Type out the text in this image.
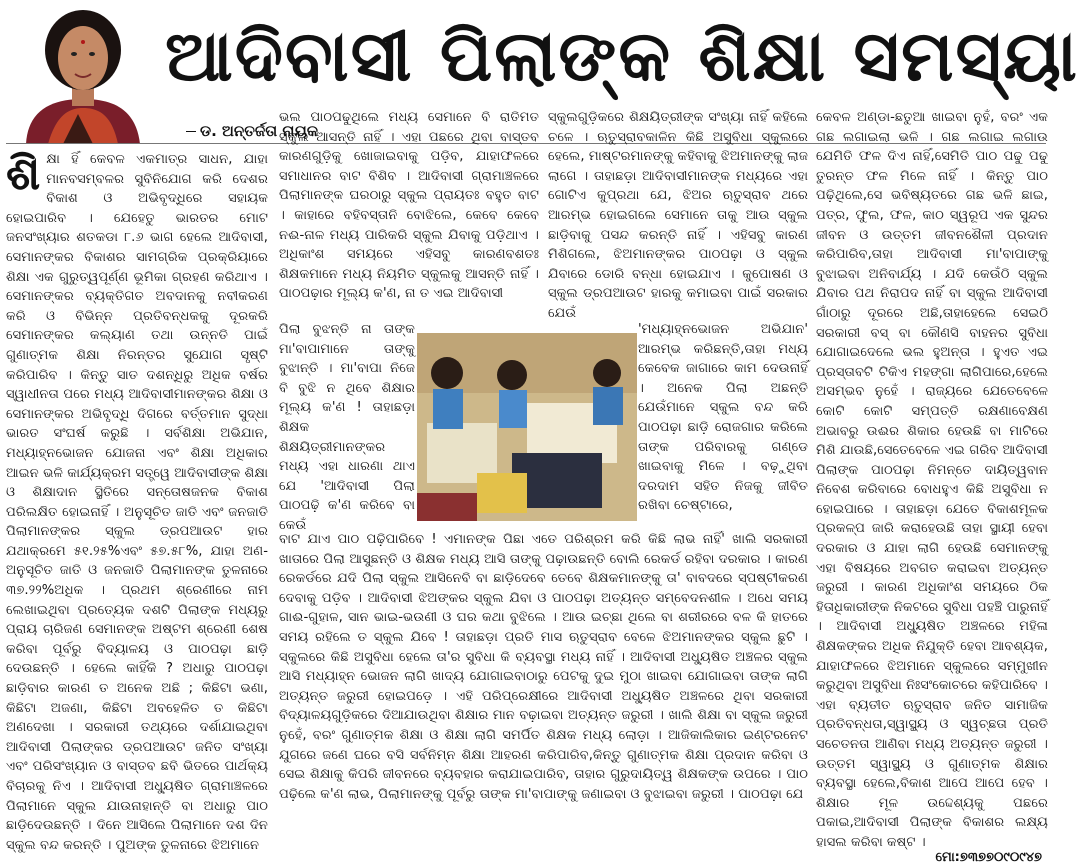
ଆଦିବାସୀ ପିଲାଙ୍କ ଶିକ୍ଷା ସମସ୍ୟା
ଡ. ଅନ୍ତର୍ଜତା ନାୟକ
ଶି କ୍ଷା ହିଁ କେବଳ ଏକମାତ୍ର ସାଧନ, ଯାହା ମାନବସମ୍ବଳର ସୁବିନିଯୋଗ କରି ଦେଶର ବିକାଶ ଓ ଅଭିବୃଦ୍ଧିରେ ସହାୟକ ହୋଇପାରିବ । ଯେହେତୁ ଭାରତର ମୋଟ ଜନସଂଖ୍ୟାର ଶତକଡା ୮.୬ ଭାଗ ହେଲେ ଆଦିବାସୀ, ସେମାନଙ୍କର ବିକାଶର ସାମଗ୍ରିକ ପ୍ରକ୍ରିୟାରେ ଶିକ୍ଷା ଏକ ଗୁରୁତ୍ୱପୂର୍ଣ୍ଣ ଭୂମିକା ଗ୍ରହଣ କରିଥାଏ । ସେମାନଙ୍କର ବ୍ୟକ୍ତିଗତ ଅବଦାନକୁ ନବୀକରଣ କରି ଓ ବିଭିନ୍ନ ପ୍ରତିବନ୍ଧକକୁ ଦୂରକରି ସେମାନଙ୍କର କଲ୍ୟାଣ ତଥା ଉନ୍ନତି ପାଇଁ ଗୁଣାତ୍ମକ ଶିକ୍ଷା ନିରନ୍ତର ସୁଯୋଗ ସୃଷ୍ଟି କରିପାରିବ । କିନ୍ତୁ ସାତ ଦଶନ୍ଧିରୁ ଅଧିକ ବର୍ଷର ସ୍ୱାଧୀନତା ପରେ ମଧ୍ୟ ଆଦିବାସୀମାନଙ୍କର ଶିକ୍ଷା ଓ ସେମାନଙ୍କର ଅଭିବୃଦ୍ଧି ଦିଗରେ ବର୍ତ୍ତମାନ ସୁଦ୍ଧା ଭାରତ ସଂଘର୍ଷ କରୁଛି । ସର୍ବଶିକ୍ଷା ଅଭିଯାନ, ମଧ୍ୟାହ୍ନଭୋଜନ ଯୋଜନା ଏବଂ ଶିକ୍ଷା ଅଧିକାର ଆଇନ ଭଳି କାର୍ଯ୍ୟକ୍ରମ ସତ୍ତ୍ୱେ ଆଦିବାସୀଙ୍କ ଶିକ୍ଷା ଓ ଶିକ୍ଷାଦାନ ସ୍ଥିତିରେ ସନ୍ତୋଷଜନକ ବିକାଶ ପରିଲକ୍ଷିତ ହୋଇନାହିଁ । ଅନୁସୂଚିତ ଜାତି ଏବଂ ଜନଜାତି ପିଲାମାନଙ୍କର ସ୍କୁଲ ଡ୍ରପଆଉଟ ହାର ଯଥାକ୍ରମେ ୫୧.୨୫%ଏବଂ ୫୭.୫୮%, ଯାହା ଅଣ-ଅନୁସୂଚିତ ଜାତି ଓ ଜନଜାତି ପିଲାମାନଙ୍କ ତୁଳନାରେ ୩୭.୨୨%ଅଧିକ । ପ୍ରଥମ ଶ୍ରେଣୀରେ ନାମ ଲେଖାଇଥିବା ପ୍ରତ୍ୟେକ ଦଶଟି ପିଲାଙ୍କ ମଧ୍ୟରୁ ପ୍ରାୟ ଚାରିଜଣ ସେମାନଙ୍କ ଅଷ୍ଟମ ଶ୍ରେଣୀ ଶେଷ କରିବା ପୂର୍ବରୁ ବିଦ୍ୟାଳୟ ଓ ପାଠପଢ଼ା ଛାଡ଼ି ଦେଉଛନ୍ତି । ହେଲେ କାହିଁକି ? ଅଧାରୁ ପାଠପଢ଼ା ଛାଡ଼ିବାର କାରଣ ତ ଅନେକ ଅଛି ; କିଛିଟା ଭଣା, କିଛିଟା ଅଜଣା, କିଛିଟା ଅବହେଳିତ ତ କିଛିଟା ଅଣଦେଖା । ସରକାରୀ ତଥ୍ୟରେ ଦର୍ଶାଯାଇଥିବା ଆଦିବାସୀ ପିଲାଙ୍କର ଡ୍ରପଆଉଟ ଜନିତ ସଂଖ୍ୟା ଏବଂ ପରିସଂଖ୍ୟାନ ଓ ବାସ୍ତବ ଛବି ଭିତରେ ପାର୍ଥକ୍ୟ ବିଚାରକୁ ନିଏ । ଆଦିବାସୀ ଅଧ୍ୟୁଷିତ ଗ୍ରାମାଞ୍ଚଳରେ ପିଲାମାନେ ସ୍କୁଲ ଯାଉନାହାନ୍ତି ବା ଅଧାରୁ ପାଠ ଛାଡ଼ିଦେଉଛନ୍ତି । ଦିନେ ଆସିଲେ ପିଲାମାନେ ଦଶ ଦିନ ସ୍କୁଲ ବନ୍ଦ କରନ୍ତି । ପୁଅଙ୍କ ତୁଳନାରେ ଝିଅମାନେ

ଭଲ ପାଠପଢୁଥିଲେ ମଧ୍ୟ ସେମାନେ ବି ରାତିମତ ସ୍କୁଲ ଆସନ୍ତି ନାହିଁ । ଏହା ପଛରେ ଥିବା ବାସ୍ତବ କାରଣଗୁଡ଼ିକୁ ଖୋଜାଇବାକୁ ପଡ଼ିବ, ଯାହାଫଳରେ ସମାଧାନର ବାଟ ବିଶିବ । ଆଦିବାସୀ ଗ୍ରାମାଞ୍ଚଳରେ ପିଲାମାନଙ୍କ ଘରଠାରୁ ସ୍କୁଲ ପ୍ରାୟତଃ ବହୁତ ବାଟ । କାହାରେ ବହିବସ୍ତାନି ବୋଝିଲେ, କେବେ କେବେ ନଈ-ନାଳ ମଧ୍ୟ ପାରିକରି ସ୍କୁଲ ଯିବାକୁ ପଡ଼ିଥାଏ । ଅଧିକାଂଶ ସମୟରେ ଏହିସବୁ କାରଣବଶତଃ ଶିକ୍ଷକମାନେ ମଧ୍ୟ ନିୟମିତ ସ୍କୁଲକୁ ଆସନ୍ତି ନାହିଁ । ପାଠପଢ଼ାର ମୂଲ୍ୟ କ'ଣ, ନା ତ ଏଇ ଆଦିବାସୀ

ସ୍କୁଲଗୁଡ଼ିକରେ ଶିକ୍ଷୟିତ୍ରୀଙ୍କ ସଂଖ୍ୟା ନାହିଁ କହିଲେ ଚଳେ । ଋତୁସ୍ରାବକାଳିନ କିଛି ଅସୁବିଧା ସ୍କୁଲରେ ହେଲେ, ମାଷ୍ଟରମାନଙ୍କୁ କହିବାକୁ ଝିଅମାନଙ୍କୁ ଲାଜ ଲାଗେ । ତାହାଛଡ଼ା ଆଦିବାସୀମାନଙ୍କ ମଧ୍ୟରେ ଏହା ଗୋଟିଏ କୁପ୍ରଥା ଯେ, ଝିଅର ଋତୁସ୍ରାବ ଥରେ ଆରମ୍ଭ ହୋଇଗଲେ ସେମାନେ ତାକୁ ଆଉ ସ୍କୁଲ ଛାଡ଼ିବାକୁ ପସନ୍ଦ କରନ୍ତି ନାହିଁ । ଏହିସବୁ କାରଣ ମିଶିଗଲେ, ଝିଅମାନଙ୍କର ପାଠପଢ଼ା ଓ ସ୍କୁଲ ଯିବାରେ ଡୋରି ବନ୍ଧା ହୋଇଯାଏ । କୁପୋଷଣ ଓ ସ୍କୁଲ ଡ୍ରପଆଉଟ ହାରକୁ କମାଇବା ପାଇଁ ସରକାର ଯେଉଁ

ପିଲା ବୁଝନ୍ତି ନା ତାଙ୍କ ମା'ବାପାମାନେ ତାଙ୍କୁ ବୁଝାନ୍ତି । ମା'ବାପା ନିଜେ ବି ବୁଝି ନ ଥିବେ ଶିକ୍ଷାର ମୂଲ୍ୟ କ'ଣ ! ତାହାଛଡ଼ା ଶିକ୍ଷକ ଶିକ୍ଷୟିତ୍ରୀମାନଙ୍କର ମଧ୍ୟ ଏହା ଧାରଣା ଥାଏ ଯେ 'ଆଦିବାସୀ ପିଲା ପାଠପଢ଼ି କ'ଣ କରିବେ ବା କେଉଁ

'ମଧ୍ୟାହ୍ନଭୋଜନ ଅଭିଯାନ' ଆରମ୍ଭ କରିଛନ୍ତି,ତାହା ମଧ୍ୟ କେବେକ ଜାଗାରେ କାମ ଦେଉନାହିଁ । ଅନେକ ପିଲା ଅଛନ୍ତି ଯେଉଁମାନେ ସ୍କୁଲ ବନ୍ଦ କରି ପାଠପଢ଼ା ଛାଡ଼ି ରୋଜଗାର କରିଲେ ତାଙ୍କ ପରିବାରକୁ ଗଣ୍ଡେ ଖାଇବାକୁ ମିଳେ । ବଢ଼ୁଥିବା ଦରଦାମ ସହିତ ନିଜକୁ ଜୀବିତ ରଖିବା ଚେଷ୍ଟାରେ,

ବାଟ ଯାଏ ପାଠ ପଢ଼ିପାରିବେ ! ଏମାନଙ୍କ ପିଛା ଏତେ ପରିଶ୍ରମ କରି କିଛି ଲାଭ ନାହିଁ' ଖାଲି ସରକାରୀ ଖାତାରେ ପିଲା ଆସୁଛନ୍ତି ଓ ଶିକ୍ଷକ ମଧ୍ୟ ଆସି ତାଙ୍କୁ ପଢ଼ାଉଛନ୍ତି ବୋଲି ରେକର୍ଡ ରହିବା ଦରକାର । କାରଣ ରେକର୍ଡରେ ଯଦି ପିଲା ସ୍କୁଲ ଆସିନେବି ବା ଛାଡ଼ିଦେବେ ତେବେ ଶିକ୍ଷକମାନଙ୍କୁ ତା' ବାବଦରେ ସ୍ପଷ୍ଟୀକରଣ ଦେବାକୁ ପଡ଼ିବ । ଆଦିବାସୀ ଝିଅଙ୍କର ସ୍କୁଲ ଯିବା ଓ ପାଠପଢ଼ା ଅତ୍ୟନ୍ତ ସମ୍ବେଦନଶୀଳ । ଅଧେ ସମୟ ଗାଈ-ଗୁହାଳ, ସାନ ଭାଇ-ଭଉଣୀ ଓ ଘର କଥା ବୁଝିଲେ । ଆଉ ଇଚ୍ଛା ଥିଲେ ବା ଶରୀରରେ ବଳ କି ହାତରେ ସମୟ ରହିଲେ ତ ସ୍କୁଲ ଯିବେ ! ତାହାଛଡ଼ା ପ୍ରତି ମାସ ଋତୁସ୍ରାବ ବେଳେ ଝିଅମାନଙ୍କର ସ୍କୁଲ ଛୁଟି । ସ୍କୁଲରେ କିଛି ଅସୁବିଧା ହେଲେ ତା'ର ସୁବିଧା କି ବ୍ୟବସ୍ଥା ମଧ୍ୟ ନାହିଁ । ଆଦିବାସୀ ଅଧ୍ୟୁଷିତ ଅଞ୍ଚଳର ସ୍କୁଲ ଆସି ମଧ୍ୟାହ୍ନ ଭୋଜନ ଲାଗି ଖାଦ୍ୟ ଯୋଗାଇବାଠାରୁ ପେଟକୁ ଦୁଇ ମୁଠା ଖାଇବା ଯୋଗାଇବା ତାଙ୍କ ଲାଗି ଅତ୍ୟନ୍ତ ଜରୁରୀ ହୋଇପଡ଼େ । ଏହି ପରିପ୍ରେକ୍ଷୀରେ ଆଦିବାସୀ ଅଧ୍ୟୁଷିତ ଅଞ୍ଚଳରେ ଥିବା ସରକାରୀ ବିଦ୍ୟାଳୟଗୁଡ଼ିକରେ ଦିଆଯାଉଥିବା ଶିକ୍ଷାର ମାନ ବଢ଼ାଇବା ଅତ୍ୟନ୍ତ ଜରୁରୀ । ଖାଲି ଶିକ୍ଷା ବା ସ୍କୁଲ ଜରୁରୀ ନୁହେଁ, ବରଂ ଗୁଣାତ୍ମକ ଶିକ୍ଷା ଓ ଶିକ୍ଷା ଲାଗି ସମର୍ପିତ ଶିକ୍ଷକ ମଧ୍ୟ ଲୋଡ଼ା । ଆଜିକାଲିକାର ଇଣ୍ଟରନେଟ ଯୁଗରେ ଜଣେ ଘରେ ବସି ସର୍ବନିମ୍ନ ଶିକ୍ଷା ଆହରଣ କରିପାରିବ,କିନ୍ତୁ ଗୁଣାତ୍ମକ ଶିକ୍ଷା ପ୍ରଦାନ କରିବା ଓ ସେଇ ଶିକ୍ଷାକୁ କିପରି ଜୀବନରେ ବ୍ୟବହାର କରାଯାଇପାରିବ, ତାହାର ଗୁରୁଦାୟିତ୍ୱ ଶିକ୍ଷକଙ୍କ ଉପରେ । ପାଠ ପଢ଼ିଲେ କ'ଣ ଲାଭ, ପିଲାମାନଙ୍କୁ ପୂର୍ବରୁ ତାଙ୍କ ମା'ବାପାଙ୍କୁ ଜଣାଇବା ଓ ବୁଝାଇବା ଜରୁରୀ । ପାଠପଢ଼ା ଯେ

କେବଳ ଅଣ୍ଡା-ଛତୁଆ ଖାଇବା ନୁହଁ, ବରଂ ଏକ ଗଛ ଲଗାଇଲା ଭଳି । ଗଛ ଲଗାଇ ଲଗାଉ ଯେମିତି ଫଳ ଦିଏ ନାହିଁ,ସେମିତି ପାଠ ପଢୁ ପଢୁ ତୁରନ୍ତ ଫଳ ମିଳେ ନାହିଁ । କିନ୍ତୁ ପାଠ ପଢ଼ିଥିଲେ,ସେ ଭବିଷ୍ୟତରେ ଗଛ ଭଳି ଛାଇ, ପତ୍ର, ଫୁଲ, ଫଳ, କାଠ ସ୍ୱରୂପ ଏକ ସୁନ୍ଦର ଜୀବନ ଓ ଉତ୍ତମ ଜୀବନଶୈଳୀ ପ୍ରଦାନ କରିପାରିବ,ତାହା ଆଦିବାସୀ ମା'ବାପାଙ୍କୁ ବୁଝାଇବା ଅନିବାର୍ଯ୍ୟ । ଯଦି କେଉଁଠି ସ୍କୁଲ ଯିବାର ପଥ ନିରାପଦ ନାହିଁ ବା ସ୍କୁଲ ଆଦିବାସୀ ଗାଁଠାରୁ ଦୂରରେ ଅଛି,ତାହାହେଲେ ସେଇଠି ସରକାରୀ ବସ୍ ବା କୌଣସି ବାହନର ସୁବିଧା ଯୋଗାଇଦେଲେ ଭଲ ହୁଅନ୍ତା । ହୁଏତ ଏଇ ପ୍ରସ୍ତାବଟି ଟିକିଏ ମହଙ୍ଗା ଲାଗିପାରେ,ହେଲେ ଅସମ୍ଭବ ନୁହେଁ । ରାଜ୍ୟରେ ଯେତେବେଳେ କୋଟି କୋଟି ସମ୍ପତ୍ତି ରକ୍ଷଣାବେକ୍ଷଣ ଅଭାବରୁ ଉଈର ଶିକାର ହେଉଛି ବା ମାଟିରେ ମିଶି ଯାଉଛି,ସେତେବେଳେ ଏଇ ଗରିବ ଆଦିବାସୀ ପିଲାଙ୍କ ପାଠପଢ଼ା ନିମନ୍ତେ ଦାୟିତ୍ୱବାନ ନିବେଶ କରିବାରେ ବୋଧହୁଏ କିଛି ଅସୁବିଧା ନ ହୋଇପାରେ । ତାହାଛଡ଼ା ଯେତେ ବିକାଶମୂଳକ ପ୍ରକଳ୍ପ ଜାରି କରାହେଉଛି ତାହା ସ୍ଥାୟୀ ହେବା ଦରକାର ଓ ଯାହା ଲାଗି ହେଉଛି ସେମାନଙ୍କୁ ଏହା ବିଷୟରେ ଅବଗତ କରାଇବା ଅତ୍ୟନ୍ତ ଜରୁରୀ । କାରଣ ଅଧିକାଂଶ ସମୟରେ ଠିକ ହିତାଧିକାରୀଙ୍କ ନିକଟରେ ସୁବିଧା ପହଞ୍ଚି ପାରୁନାହିଁ । ଆଦିବାସୀ ଅଧ୍ୟୁଷିତ ଅଞ୍ଚଳରେ ମହିଳା ଶିକ୍ଷକଙ୍କର ଅଧିକ ନିଯୁକ୍ତି ହେବା ଆବଶ୍ୟକ, ଯାହାଫଳରେ ଝିଅମାନେ ସ୍କୁଲରେ ସମ୍ମୁଖୀନ କରୁଥିବା ଅସୁବିଧା ନିଃସଂକୋଚରେ କହିପାରିବେ । ଏହା ବ୍ୟତୀତ ଋତୁସ୍ରାବ ଜନିତ ସାମାଜିକ ପ୍ରତିବନ୍ଧତା,ସ୍ୱାସ୍ଥ୍ୟ ଓ ସ୍ୱଚ୍ଛତା ପ୍ରତି ସଚେତନତା ଆଣିବା ମଧ୍ୟ ଅତ୍ୟନ୍ତ ଜରୁରୀ । ଉତ୍ତମ ସ୍ୱାସ୍ଥ୍ୟ ଓ ଗୁଣାତ୍ମକ ଶିକ୍ଷାର ବ୍ୟବସ୍ଥା ହେଲେ,ବିକାଶ ଆପେ ଆପେ ହେବ । ଶିକ୍ଷାର ମୂଳ ଉଦ୍ଦେଶ୍ୟକୁ ପଛରେ ପକାଇ,ଆଦିବାସୀ ପିଲାଙ୍କ ବିକାଶର ଲକ୍ଷ୍ୟ ହାସଲ କରିବା କଷ୍ଟ ।

ମୋ:୭୩୭୭୦୯୦୯୪୭
